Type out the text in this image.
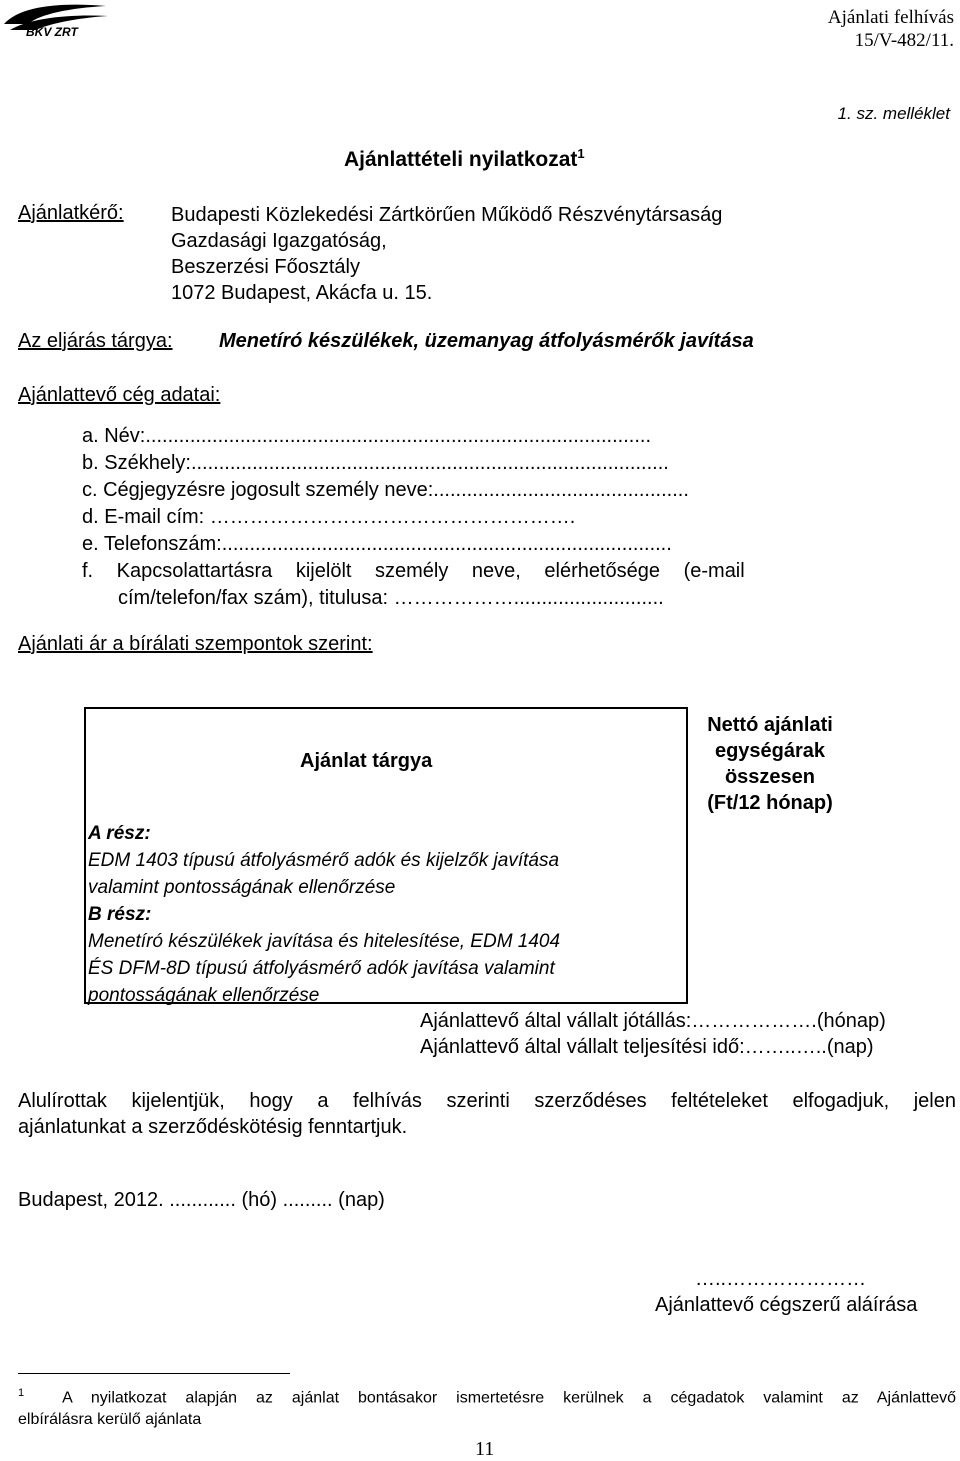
BKV ZRT
Ajánlati felhívás
15/V-482/11.
1. sz. melléklet
Ajánlattételi nyilatkozat$^1$
Ajánlatkérő: Budapesti Közlekedési Zártkörűen Működő Részvénytársaság
Gazdasági Igazgatóság,
Beszerzési Főosztály
1072 Budapest, Akácfa u. 15.
Az eljárás tárgya: Menetíró készülékek, üzemanyag átfolyásmérők javítása
Ajánlattevő cég adatai:
a. Név:...........................................................................................
b. Székhely:......................................................................................
c. Cégjegyzésre jogosult személy neve:..............................................
d. E-mail cím: ……………………………………………….
e. Telefonszám:.................................................................................
f. Kapcsolattartásra kijelölt személy neve, elérhetősége (e-mail
cím/telefon/fax szám), titulusa: ………………...........................
Ajánlati ár a bírálati szempontok szerint:
Ajánlat tárgya
Nettó ajánlati
egységárak
összesen
(Ft/12 hónap)
A rész:
EDM 1403 típusú átfolyásmérő adók és kijelzők javítása
valamint pontosságának ellenőrzése
B rész:
Menetíró készülékek javítása és hitelesítése, EDM 1404
ÉS DFM-8D típusú átfolyásmérő adók javítása valamint
pontosságának ellenőrzése
Ajánlattevő által vállalt jótállás:……………….(hónap)
Ajánlattevő által vállalt teljesítési idő:……..…..(nap)
Alulírottak kijelentjük, hogy a felhívás szerinti szerződéses feltételeket elfogadjuk, jelen
ajánlatunkat a szerződéskötésig fenntartjuk.
Budapest, 2012. ............ (hó) ......... (nap)
…..…………………
Ajánlattevő cégszerű aláírása
$^1$ A nyilatkozat alapján az ajánlat bontásakor ismertetésre kerülnek a cégadatok valamint az Ajánlattevő
elbírálásra kerülő ajánlata
11
